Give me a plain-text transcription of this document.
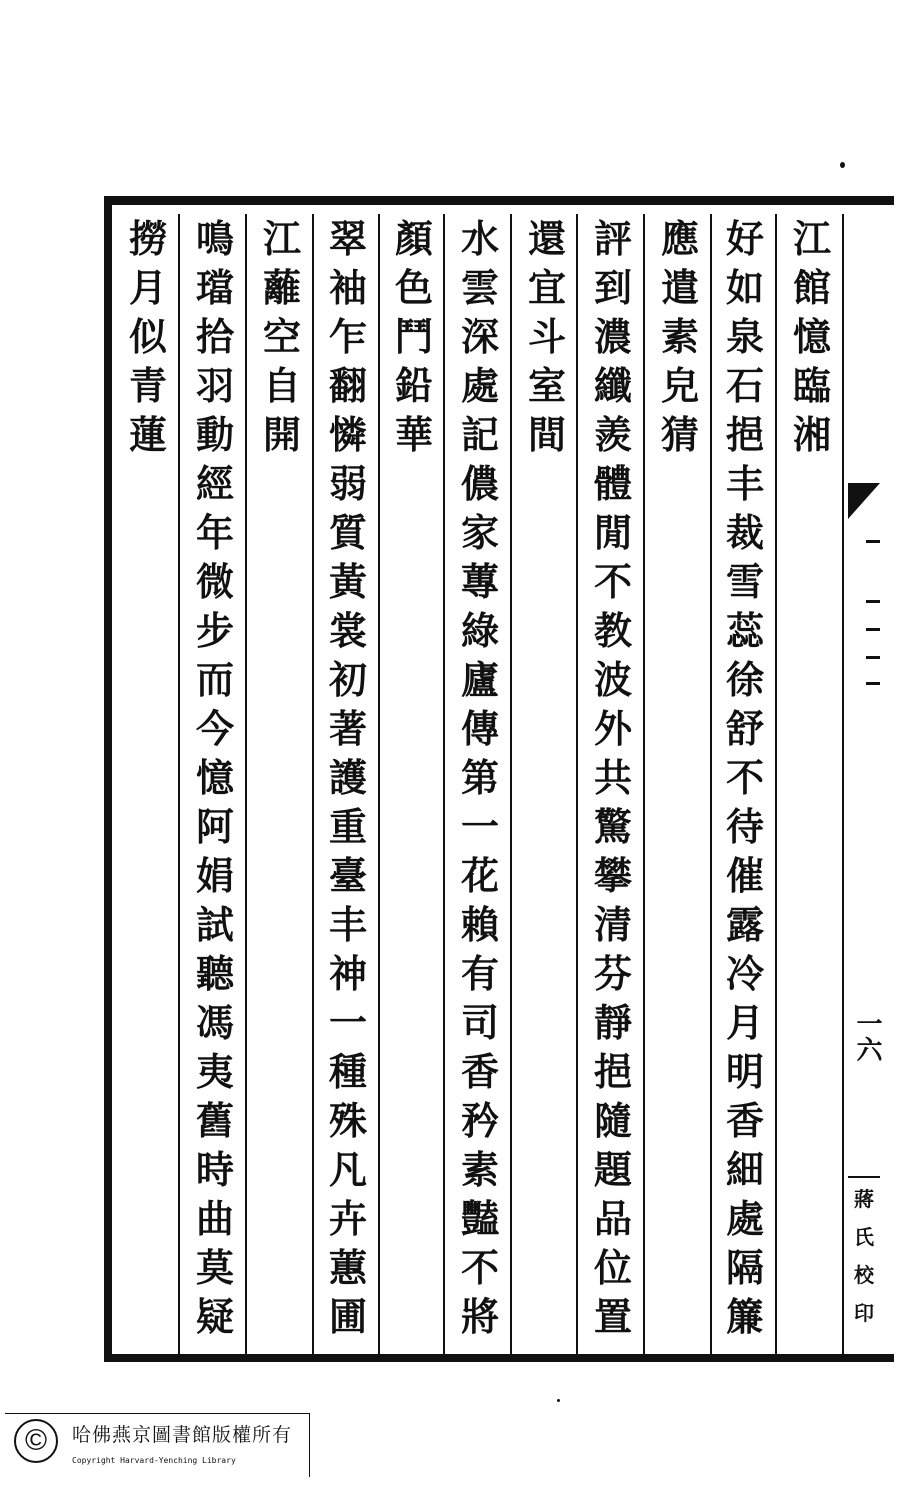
江
館
憶
臨
湘
好
如
泉
石
挹
丰
裁
雪
蕊
徐
舒
不
待
催
露
冷
月
明
香
細
處
隔
簾
應
遣
素
皃
猜
評
到
濃
纖
羨
體
閒
不
教
波
外
共
驚
攀
清
芬
靜
挹
隨
題
品
位
置
還
宜
斗
室
間
水
雲
深
處
記
儂
家
蓴
綠
廬
傳
第
一
花
賴
有
司
香
矜
素
豔
不
將
顏
色
鬥
鉛
華
翠
袖
乍
翻
憐
弱
質
黃
裳
初
著
護
重
臺
丰
神
一
種
殊
凡
卉
蕙
圃
江
蘺
空
自
開
鳴
璫
拾
羽
動
經
年
微
步
而
今
憶
阿
娟
試
聽
馮
夷
舊
時
曲
莫
疑
撈
月
似
青
蓮
一六
蔣
氏
校
印
©	哈佛燕京圖書館版權所有
Copyright Harvard-Yenching Library
